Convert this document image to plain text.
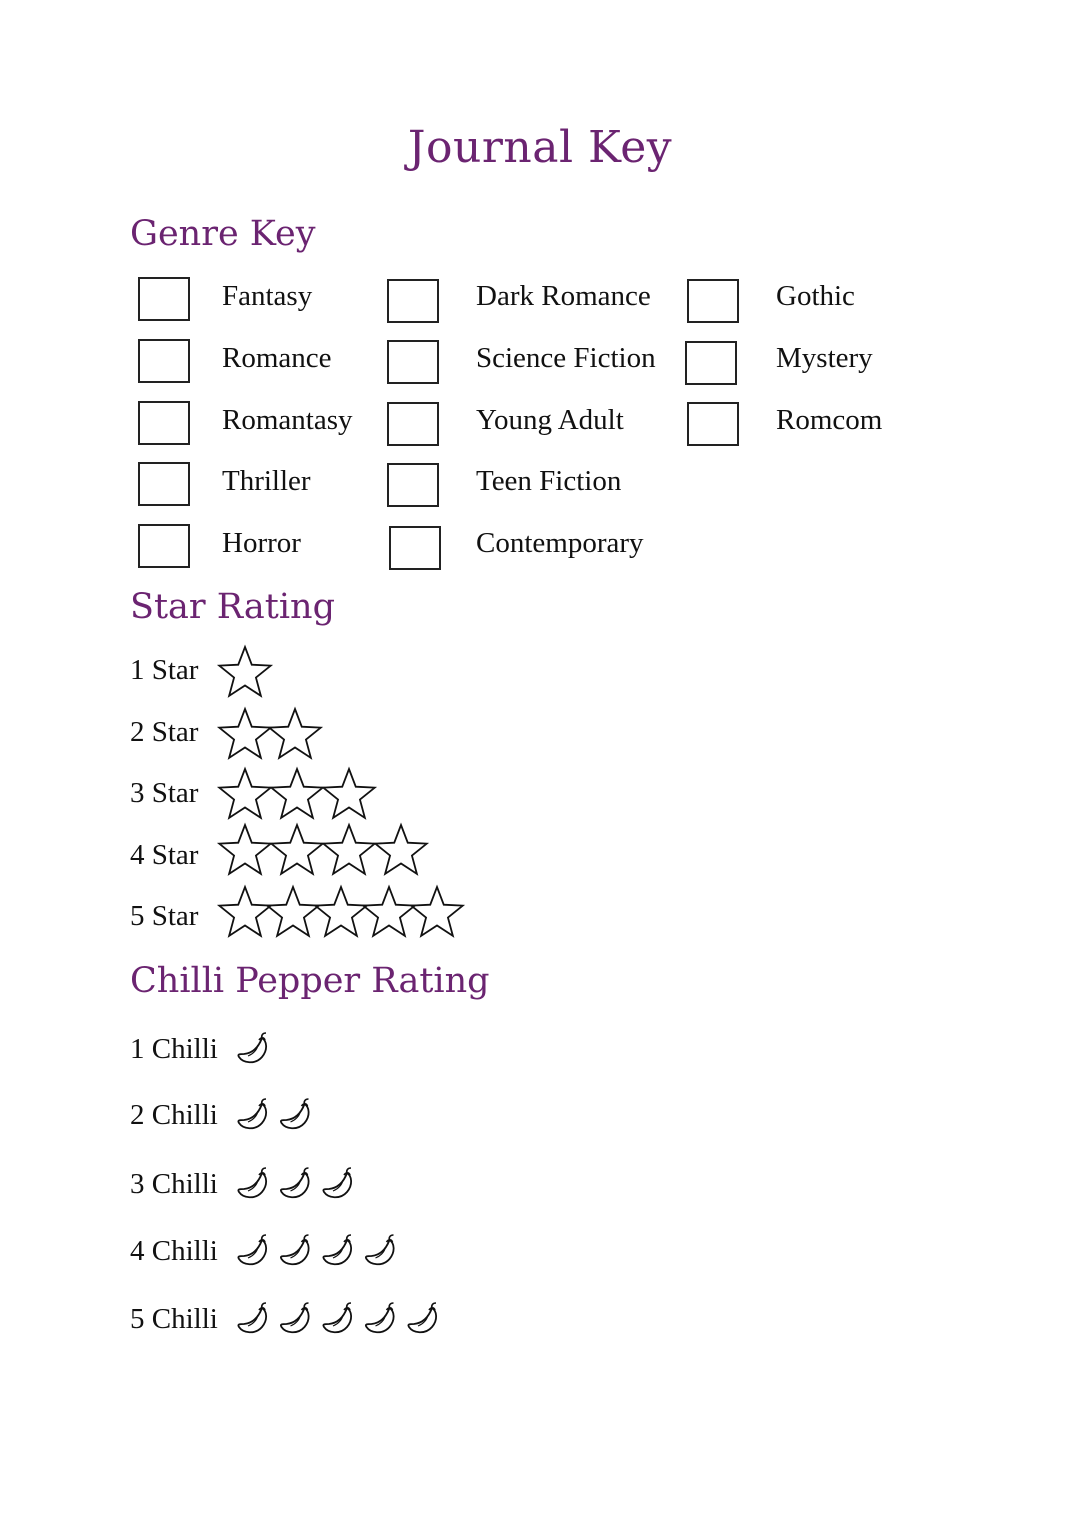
Journal Key
Genre Key
Fantasy
Romance
Romantasy
Thriller
Horror
Dark Romance
Science Fiction
Young Adult
Teen Fiction
Contemporary
Gothic
Mystery
Romcom
Star Rating
1 Star
2 Star
3 Star
4 Star
5 Star
Chilli Pepper Rating
1 Chilli
2 Chilli
3 Chilli
4 Chilli
5 Chilli
